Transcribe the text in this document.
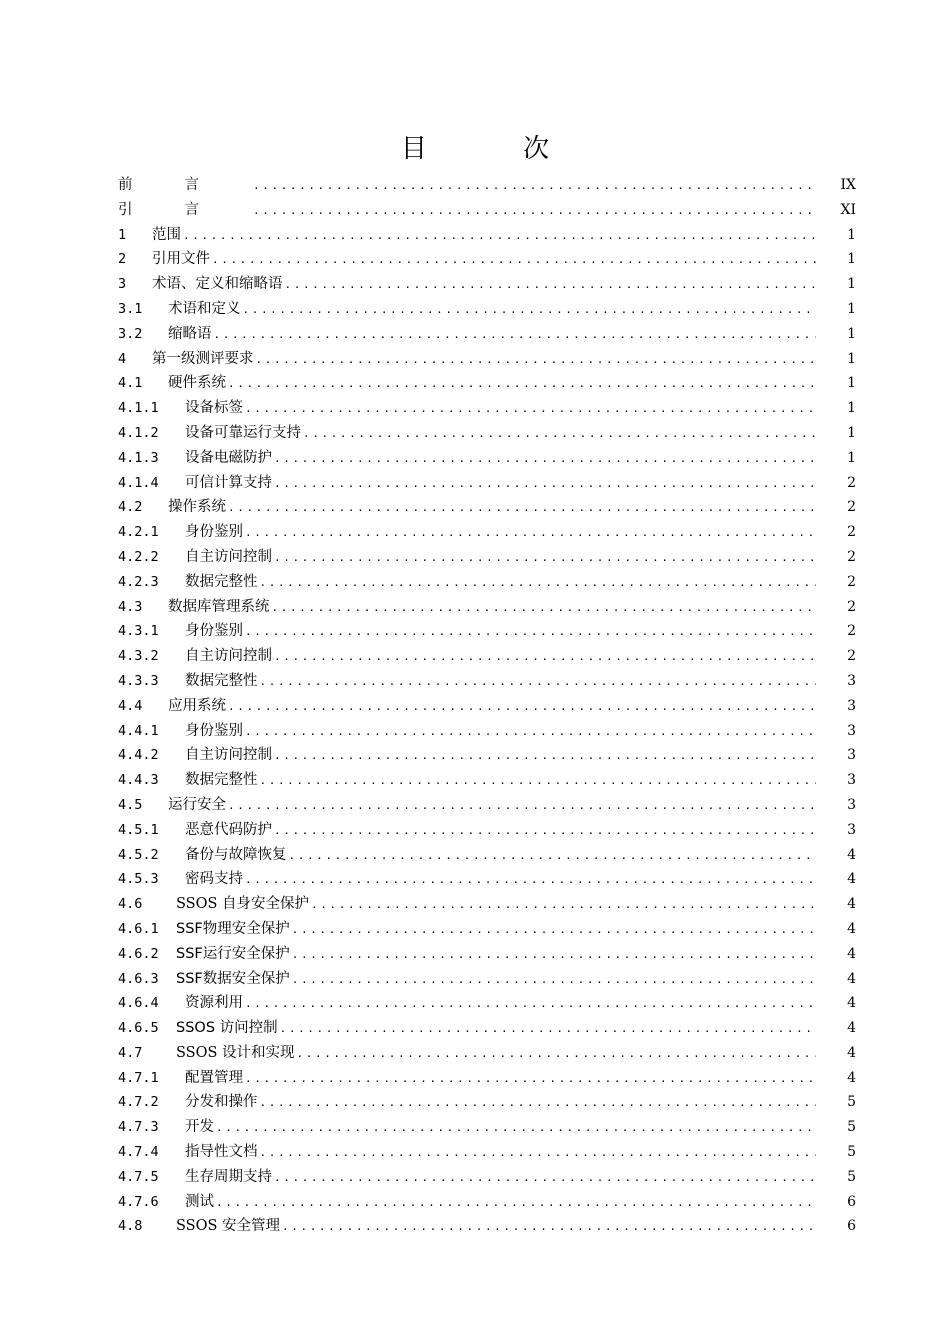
目 次
前言 .....	IX
引言 .....	XI
1	范围 .....	1
2	引用文件 .....	1
3	术语、定义和缩略语 .....	1
3.1	术语和定义 .....	1
3.2	缩略语 .....	1
4	第一级测评要求 .....	1
4.1	硬件系统 .....	1
4.1.1	设备标签 .....	1
4.1.2	设备可靠运行支持 .....	1
4.1.3	设备电磁防护 .....	1
4.1.4	可信计算支持 .....	2
4.2	操作系统 .....	2
4.2.1	身份鉴别 .....	2
4.2.2	自主访问控制 .....	2
4.2.3	数据完整性 .....	2
4.3	数据库管理系统 .....	2
4.3.1	身份鉴别 .....	2
4.3.2	自主访问控制 .....	2
4.3.3	数据完整性 .....	3
4.4	应用系统 .....	3
4.4.1	身份鉴别 .....	3
4.4.2	自主访问控制 .....	3
4.4.3	数据完整性 .....	3
4.5	运行安全 .....	3
4.5.1	恶意代码防护 .....	3
4.5.2	备份与故障恢复 .....	4
4.5.3	密码支持 .....	4
4.6	SSOS 自身安全保护 .....	4
4.6.1	SSF物理安全保护 .....	4
4.6.2	SSF运行安全保护 .....	4
4.6.3	SSF数据安全保护 .....	4
4.6.4	资源利用 .....	4
4.6.5	SSOS 访问控制 .....	4
4.7	SSOS 设计和实现 .....	4
4.7.1	配置管理 .....	4
4.7.2	分发和操作 .....	5
4.7.3	开发 .....	5
4.7.4	指导性文档 .....	5
4.7.5	生存周期支持 .....	5
4.7.6	测试 .....	6
4.8	SSOS 安全管理 .....	6
